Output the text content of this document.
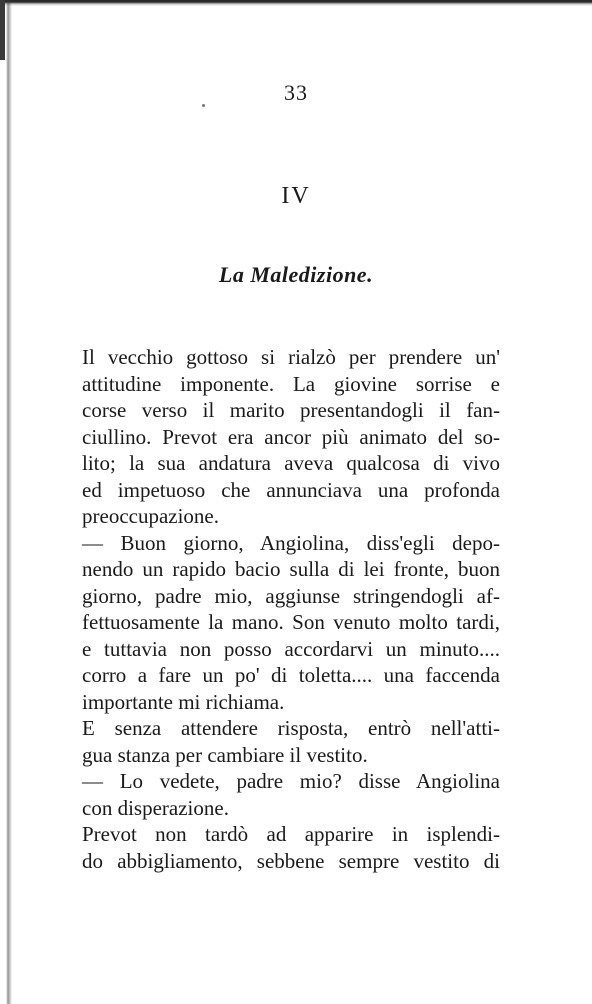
33
IV
La Maledizione.
Il vecchio gottoso si rialzò per prendere un'
attitudine imponente. La giovine sorrise e
corse verso il marito presentandogli il fan-
ciullino. Prevot era ancor più animato del so-
lito; la sua andatura aveva qualcosa di vivo
ed impetuoso che annunciava una profonda
preoccupazione.
— Buon giorno, Angiolina, diss'egli depo-
nendo un rapido bacio sulla di lei fronte, buon
giorno, padre mio, aggiunse stringendogli af-
fettuosamente la mano. Son venuto molto tardi,
e tuttavia non posso accordarvi un minuto....
corro a fare un po' di toletta.... una faccenda
importante mi richiama.
E senza attendere risposta, entrò nell'atti-
gua stanza per cambiare il vestito.
— Lo vedete, padre mio? disse Angiolina
con disperazione.
Prevot non tardò ad apparire in isplendi-
do abbigliamento, sebbene sempre vestito di
